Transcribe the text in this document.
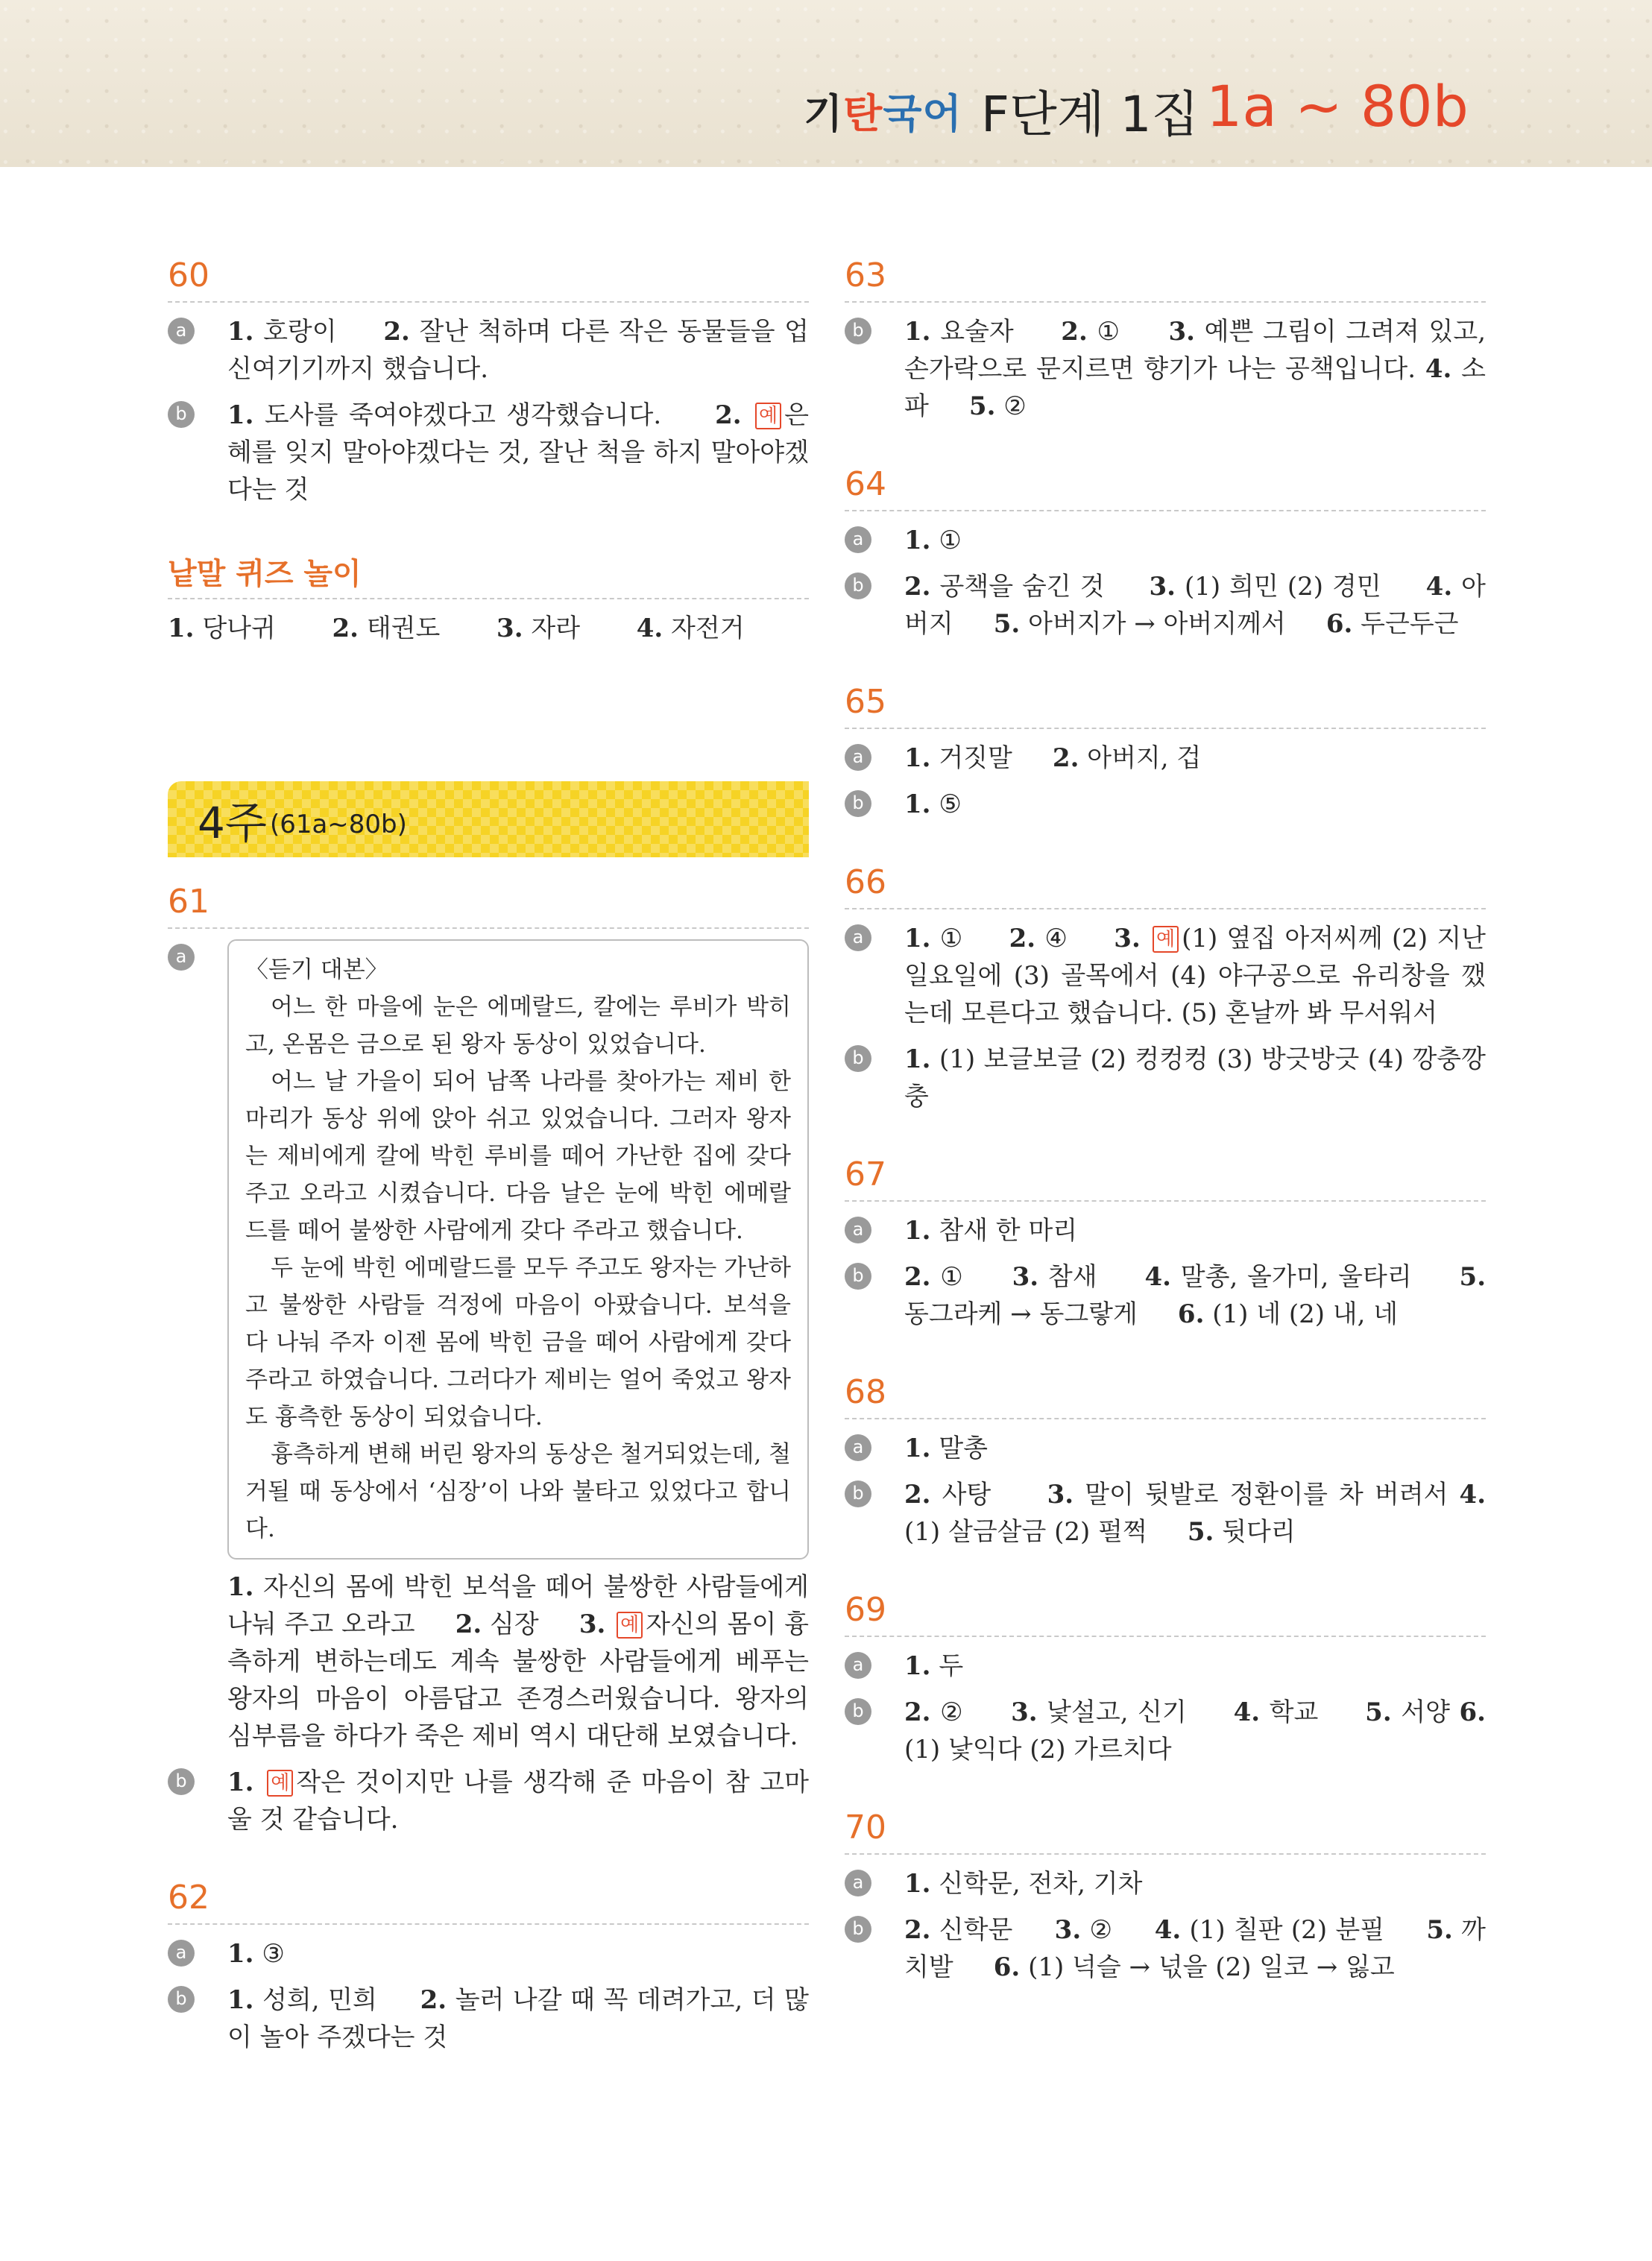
기탄국어 F단계 1집 1a ~ 80b
60
a	1. 호랑이 2. 잘난 척하며 다른 작은 동물들을 업신여기기까지 했습니다.
b	1. 도사를 죽여야겠다고 생각했습니다. 2. 예 은혜를 잊지 말아야겠다는 것, 잘난 척을 하지 말아야겠다는 것
낱말 퀴즈 놀이
1. 당나귀 2. 태권도 3. 자라 4. 자전거
4주 (61a~80b)
61
a	〈듣기 대본〉

어느 한 마을에 눈은 에메랄드, 칼에는 루비가 박히고, 온몸은 금으로 된 왕자 동상이 있었습니다.

어느 날 가을이 되어 남쪽 나라를 찾아가는 제비 한 마리가 동상 위에 앉아 쉬고 있었습니다. 그러자 왕자는 제비에게 칼에 박힌 루비를 떼어 가난한 집에 갖다 주고 오라고 시켰습니다. 다음 날은 눈에 박힌 에메랄드를 떼어 불쌍한 사람에게 갖다 주라고 했습니다.

두 눈에 박힌 에메랄드를 모두 주고도 왕자는 가난하고 불쌍한 사람들 걱정에 마음이 아팠습니다. 보석을 다 나눠 주자 이젠 몸에 박힌 금을 떼어 사람에게 갖다 주라고 하였습니다. 그러다가 제비는 얼어 죽었고 왕자도 흉측한 동상이 되었습니다.

흉측하게 변해 버린 왕자의 동상은 철거되었는데, 철거될 때 동상에서 ‘심장’이 나와 불타고 있었다고 합니다.

1. 자신의 몸에 박힌 보석을 떼어 불쌍한 사람들에게 나눠 주고 오라고 2. 심장 3. 예 자신의 몸이 흉측하게 변하는데도 계속 불쌍한 사람들에게 베푸는 왕자의 마음이 아름답고 존경스러웠습니다. 왕자의 심부름을 하다가 죽은 제비 역시 대단해 보였습니다.
b	1. 예 작은 것이지만 나를 생각해 준 마음이 참 고마울 것 같습니다.
62
a	1. ③
b	1. 성희, 민희 2. 놀러 나갈 때 꼭 데려가고, 더 많이 놀아 주겠다는 것
63
b	1. 요술자 2. ① 3. 예쁜 그림이 그려져 있고, 손가락으로 문지르면 향기가 나는 공책입니다. 4. 소파 5. ②
64
a	1. ①
b	2. 공책을 숨긴 것 3. (1) 희민 (2) 경민 4. 아버지 5. 아버지가 → 아버지께서 6. 두근두근
65
a	1. 거짓말 2. 아버지, 겁
b	1. ⑤
66
a	1. ① 2. ④ 3. 예 (1) 옆집 아저씨께 (2) 지난 일요일에 (3) 골목에서 (4) 야구공으로 유리창을 깼는데 모른다고 했습니다. (5) 혼날까 봐 무서워서
b	1. (1) 보글보글 (2) 컹컹컹 (3) 방긋방긋 (4) 깡충깡충
67
a	1. 참새 한 마리
b	2. ① 3. 참새 4. 말총, 올가미, 울타리 5. 동그라케 → 동그랗게 6. (1) 네 (2) 내, 네
68
a	1. 말총
b	2. 사탕 3. 말이 뒷발로 정환이를 차 버려서 4. (1) 살금살금 (2) 펄쩍 5. 뒷다리
69
a	1. 두
b	2. ② 3. 낯설고, 신기 4. 학교 5. 서양 6. (1) 낯익다 (2) 가르치다
70
a	1. 신학문, 전차, 기차
b	2. 신학문 3. ② 4. (1) 칠판 (2) 분필 5. 까치발 6. (1) 넉슬 → 넋을 (2) 일코 → 잃고
